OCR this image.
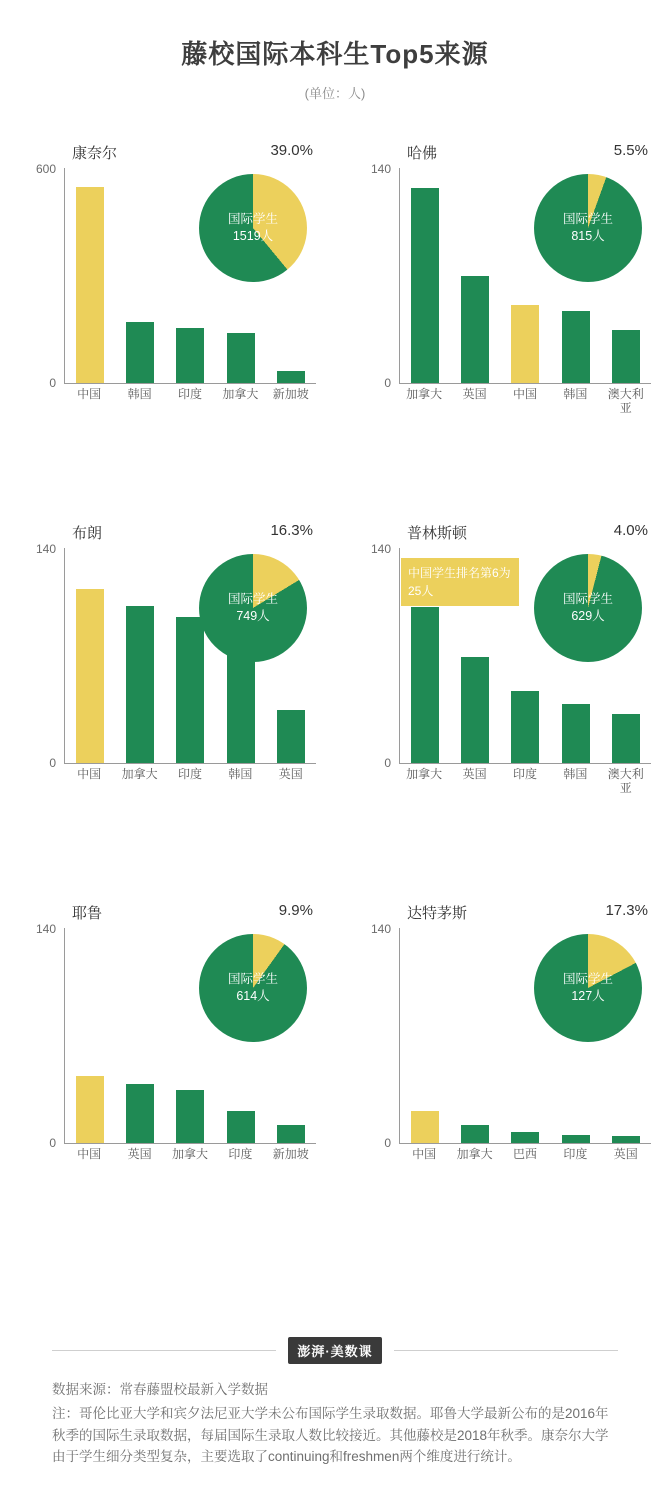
藤校国际本科生Top5来源
(单位：人)
康奈尔	39.0%
600
0
中国	韩国	印度	加拿大 新加坡
国际学生
1519人
哈佛	5.5%
140
0
加拿大	英国	中国	韩国	澳大利亚
国际学生
815人
布朗	16.3%
140
0
中国	加拿大	印度	韩国	英国
国际学生
749人
普林斯顿	4.0%
140
0
加拿大	英国	印度	韩国	澳大利亚
中国学生排名第6为25人
国际学生
629人
耶鲁	9.9%
140
0
中国	英国	加拿大	印度	新加坡
国际学生
614人
达特茅斯	17.3%
140
0
中国	加拿大	巴西	印度	英国
国际学生
127人
澎湃·美数课
数据来源：常春藤盟校最新入学数据
注：哥伦比亚大学和宾夕法尼亚大学未公布国际学生录取数据。耶鲁大学最新公布的是2016年秋季的国际生录取数据，每届国际生录取人数比较接近。其他藤校是2018年秋季。康奈尔大学由于学生细分类型复杂，主要选取了continuing和freshmen两个维度进行统计。
